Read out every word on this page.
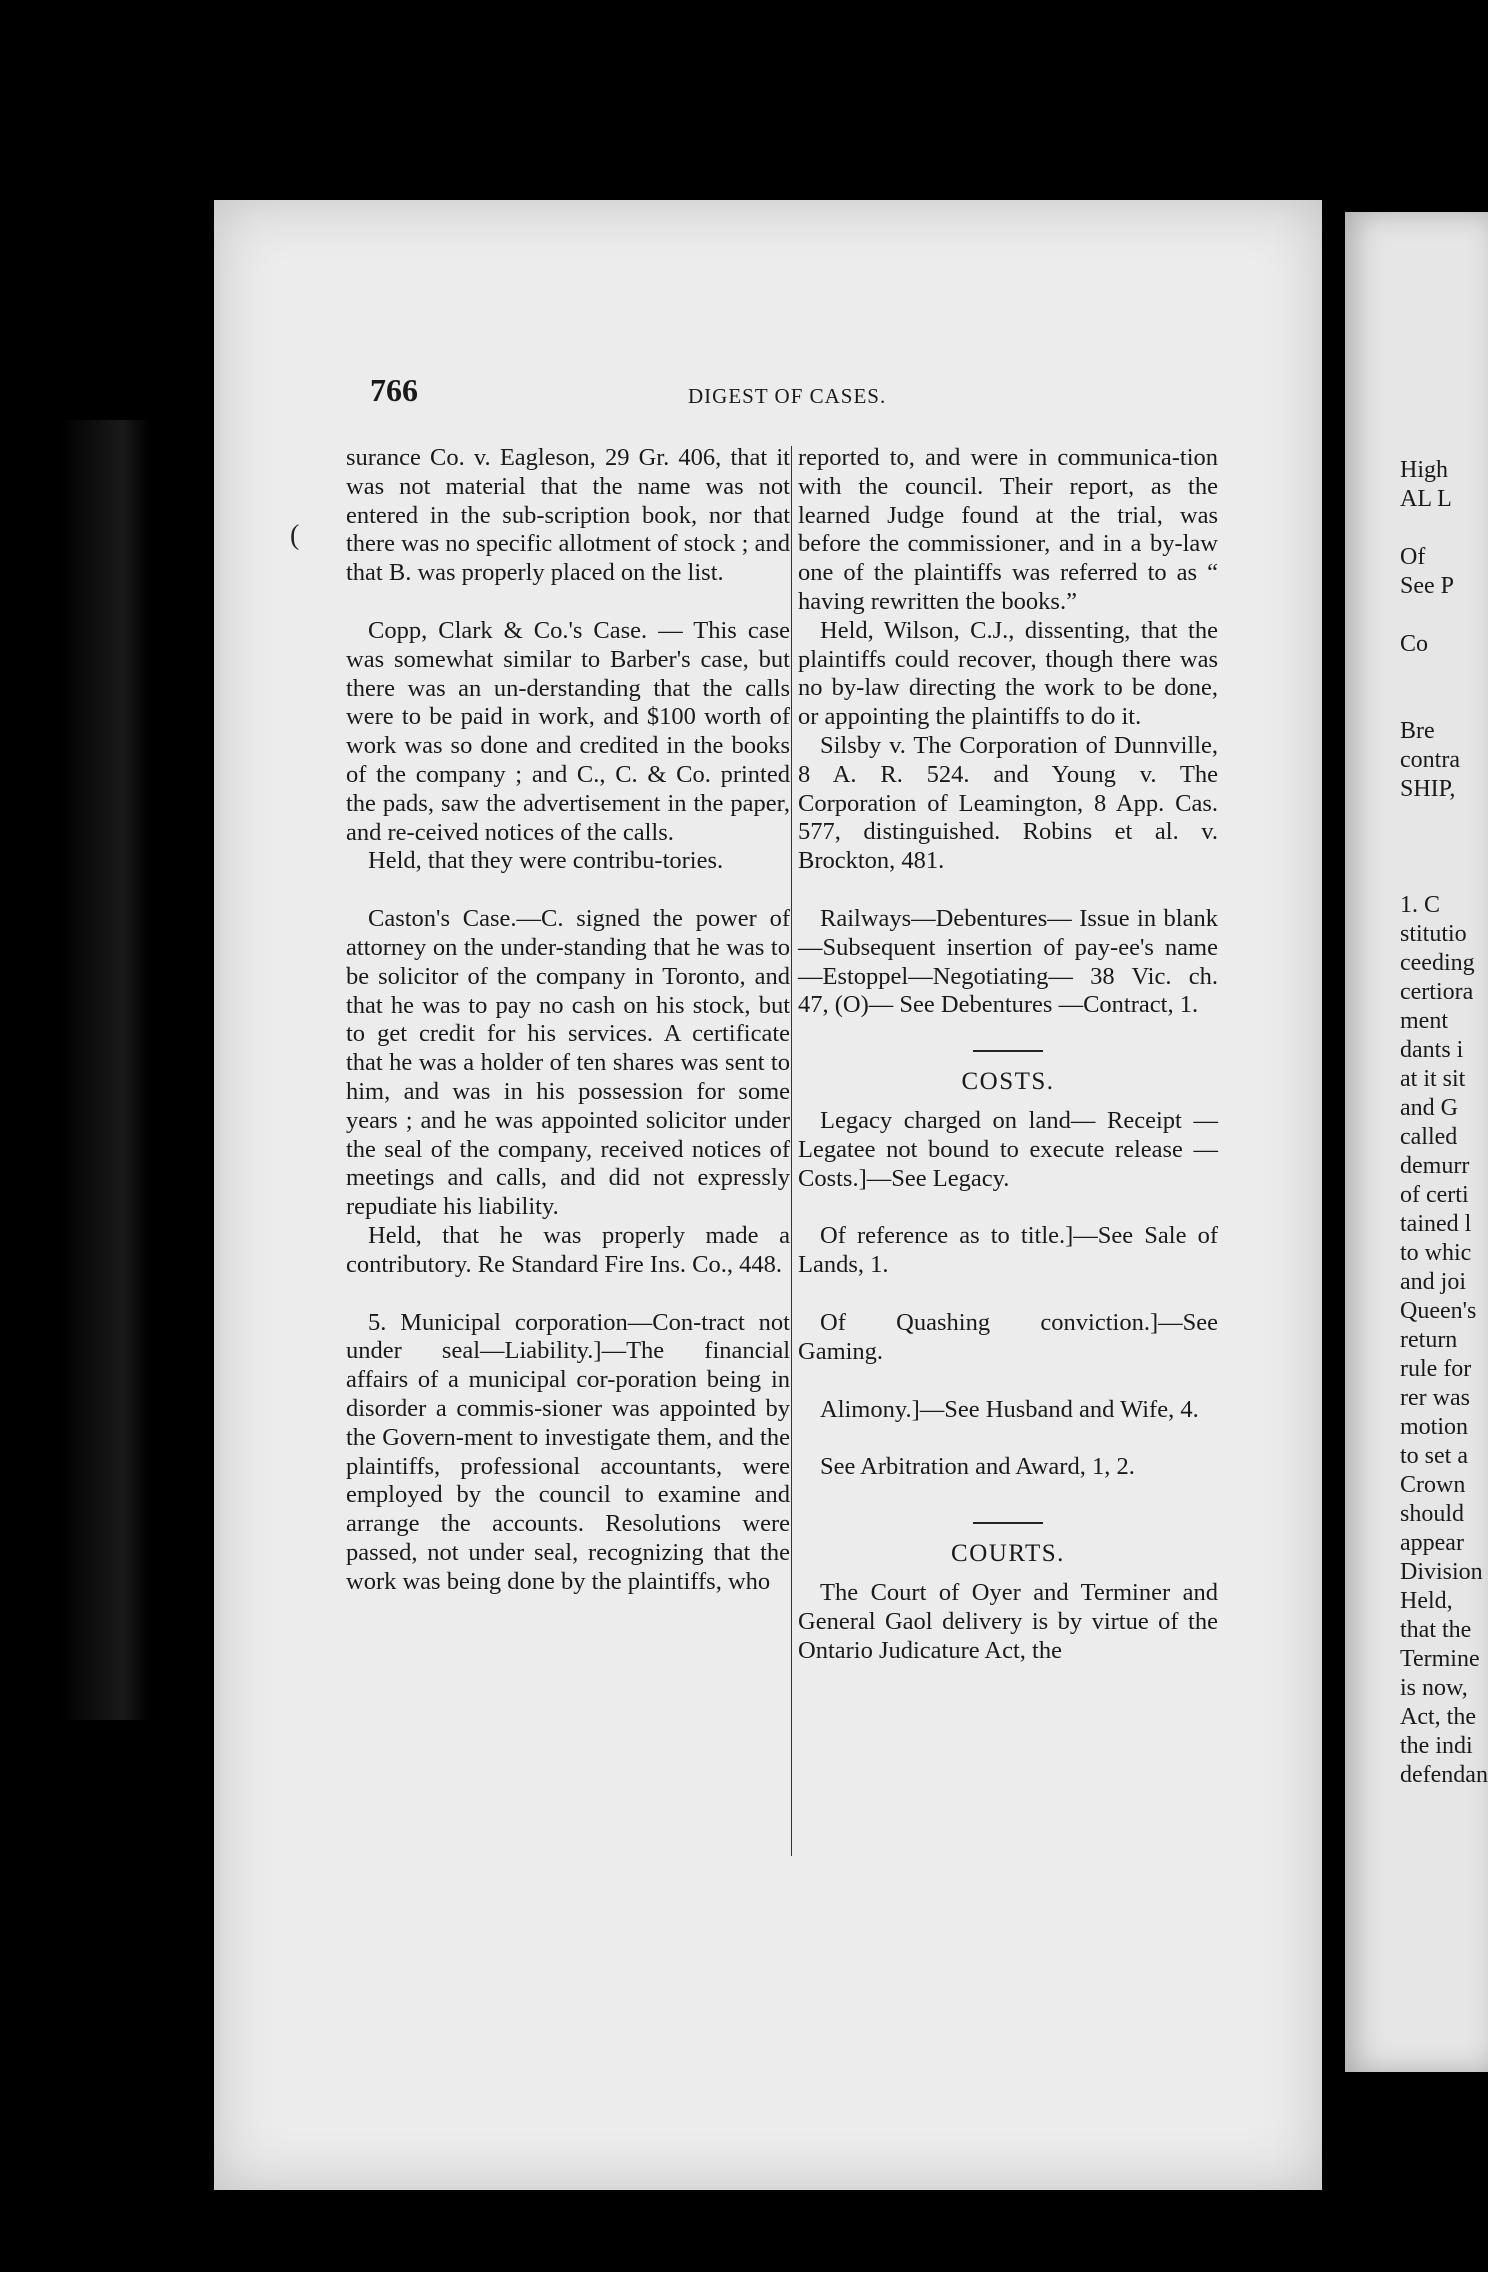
766	DIGEST OF CASES.
(

surance Co. v. Eagleson, 29 Gr. 406, that it was not material that the name was not entered in the sub-scription book, nor that there was no specific allotment of stock ; and that B. was properly placed on the list.

Copp, Clark & Co.'s Case. — This case was somewhat similar to Barber's case, but there was an un-derstanding that the calls were to be paid in work, and $100 worth of work was so done and credited in the books of the company ; and C., C. & Co. printed the pads, saw the advertisement in the paper, and re-ceived notices of the calls.

Held, that they were contribu-tories.

Caston's Case.—C. signed the power of attorney on the under-standing that he was to be solicitor of the company in Toronto, and that he was to pay no cash on his stock, but to get credit for his services. A certificate that he was a holder of ten shares was sent to him, and was in his possession for some years ; and he was appointed solicitor under the seal of the company, received notices of meetings and calls, and did not expressly repudiate his liability.

Held, that he was properly made a contributory. Re Standard Fire Ins. Co., 448.

5. Municipal corporation—Con-tract not under seal—Liability.]—The financial affairs of a municipal cor-poration being in disorder a commis-sioner was appointed by the Govern-ment to investigate them, and the plaintiffs, professional accountants, were employed by the council to examine and arrange the accounts. Resolutions were passed, not under seal, recognizing that the work was being done by the plaintiffs, who

reported to, and were in communica-tion with the council. Their report, as the learned Judge found at the trial, was before the commissioner, and in a by-law one of the plaintiffs was referred to as “ having rewritten the books.”

Held, Wilson, C.J., dissenting, that the plaintiffs could recover, though there was no by-law directing the work to be done, or appointing the plaintiffs to do it.

Silsby v. The Corporation of Dunnville, 8 A. R. 524. and Young v. The Corporation of Leamington, 8 App. Cas. 577, distinguished. Robins et al. v. Brockton, 481.

Railways—Debentures— Issue in blank—Subsequent insertion of pay-ee's name—Estoppel—Negotiating— 38 Vic. ch. 47, (O)— See Debentures —Contract, 1.

COSTS.

Legacy charged on land— Receipt —Legatee not bound to execute release —Costs.]—See Legacy.

Of reference as to title.]—See Sale of Lands, 1.

Of Quashing conviction.]—See Gaming.

Alimony.]—See Husband and Wife, 4.

See Arbitration and Award, 1, 2.

COURTS.

The Court of Oyer and Terminer and General Gaol delivery is by virtue of the Ontario Judicature Act, the

High
AL L
Of
See P
Co
Bre
contra
SHIP,
1. C
stitutio
ceeding
certiora
ment
dants i
at it sit
and G
called
demurr
of certi
tained l
to whic
and joi
Queen's
return
rule for
rer was
motion
to set a
Crown
should
appear
Division
Held,
that the
Termine
is now,
Act, the
the indi
defendan
